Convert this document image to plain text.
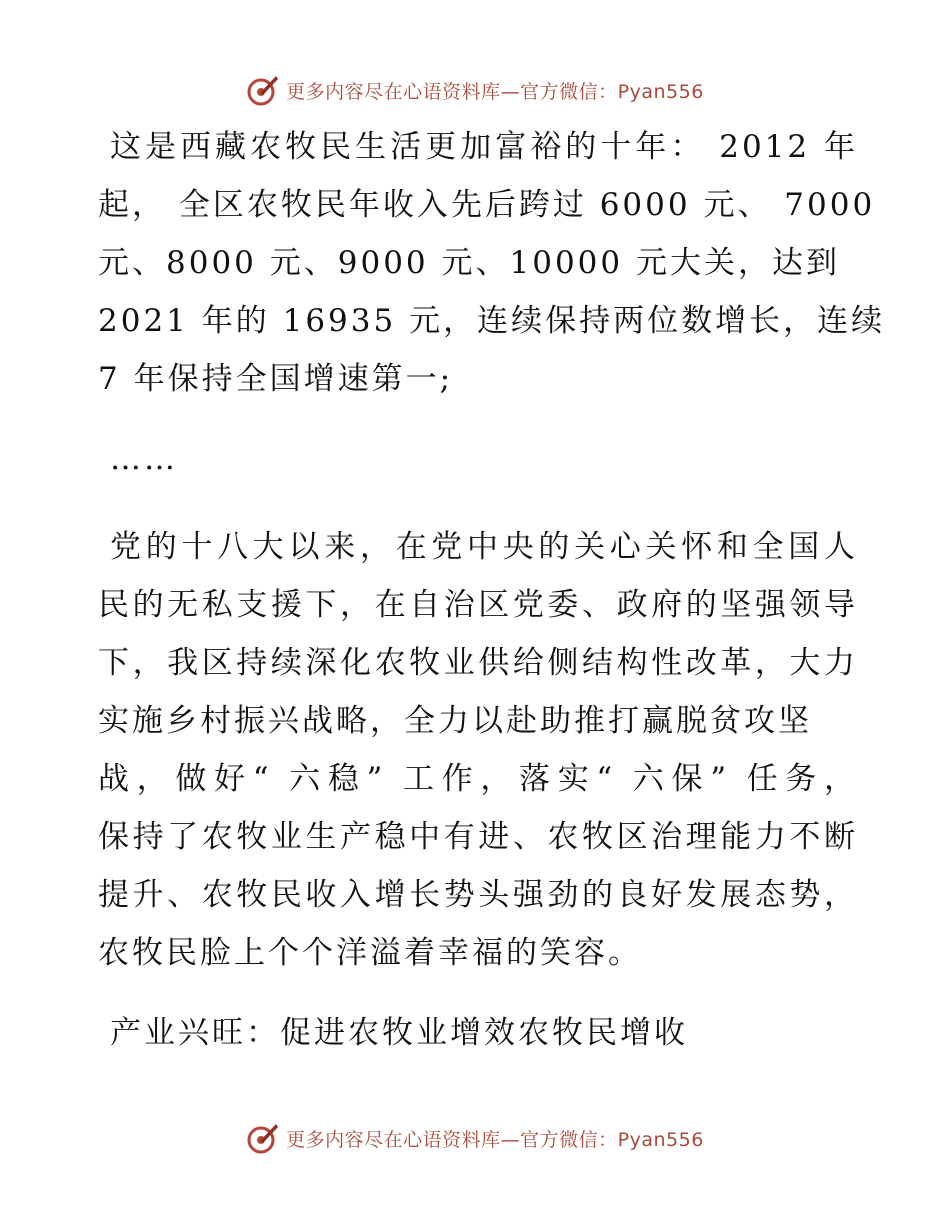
更多内容尽在心语资料库—官方微信：Pyan556
这是西藏农牧民生活更加富裕的十年： 2012 年
起， 全区农牧民年收入先后跨过 6000 元、 7000
元、8000 元、9000 元、10000 元大关，达到
2021 年的 16935 元，连续保持两位数增长，连续
7 年保持全国增速第一;
……
党的十八大以来，在党中央的关心关怀和全国人
民的无私支援下，在自治区党委、政府的坚强领导
下，我区持续深化农牧业供给侧结构性改革，大力
实施乡村振兴战略，全力以赴助推打赢脱贫攻坚
战，做好“ 六稳” 工作，落实“ 六保” 任务，
保持了农牧业生产稳中有进、农牧区治理能力不断
提升、农牧民收入增长势头强劲的良好发展态势，
农牧民脸上个个洋溢着幸福的笑容。
产业兴旺：促进农牧业增效农牧民增收
更多内容尽在心语资料库—官方微信：Pyan556
